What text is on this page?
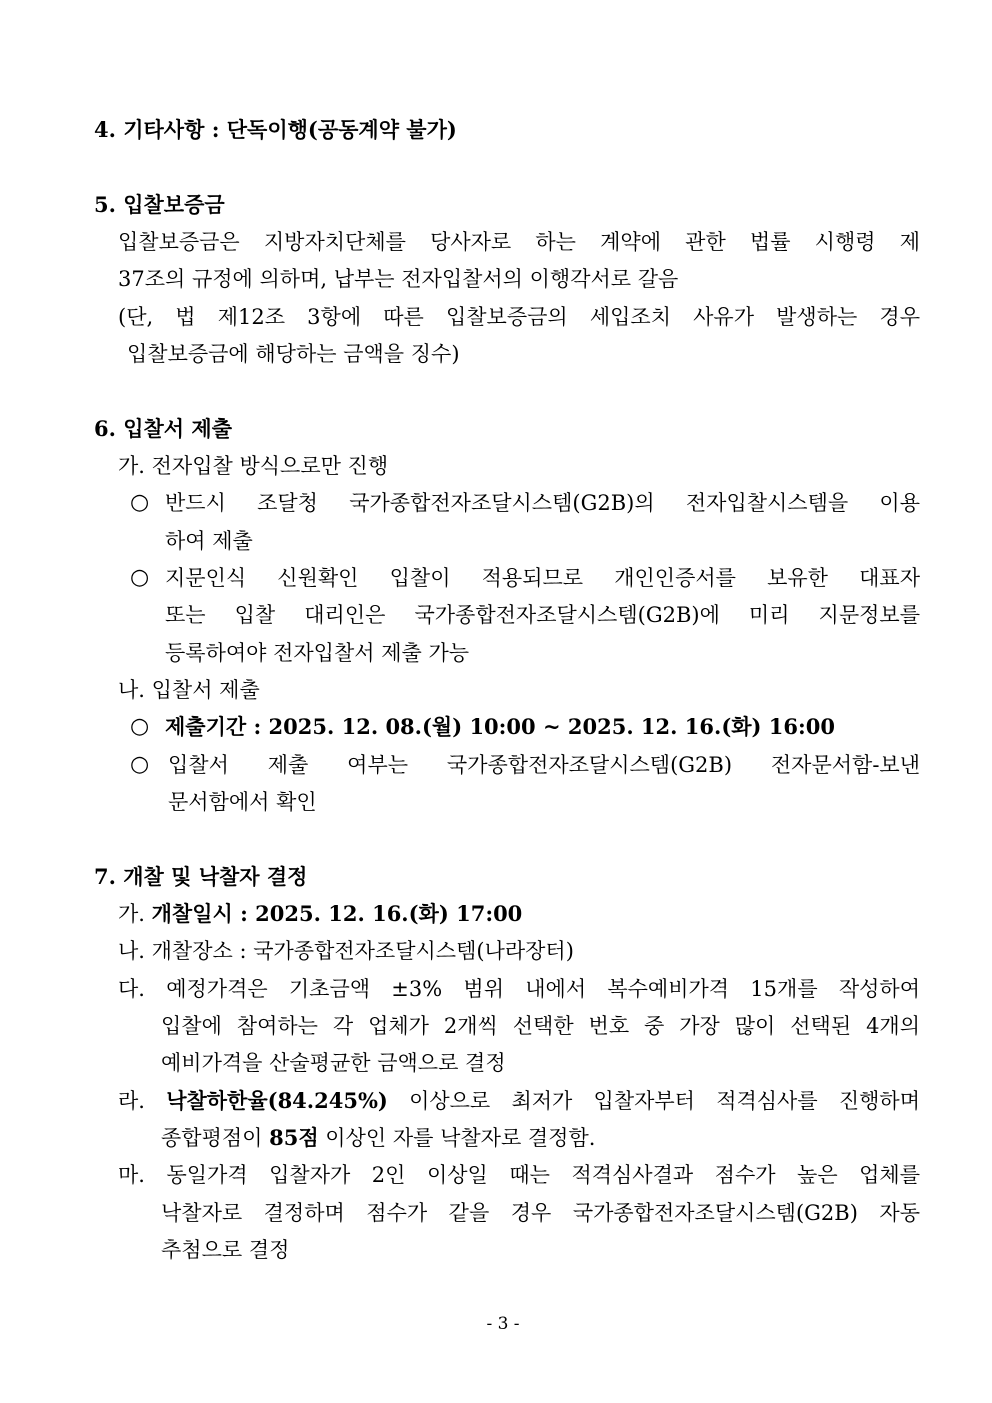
4. 기타사항 : 단독이행(공동계약 불가)
5. 입찰보증금
입찰보증금은 지방자치단체를 당사자로 하는 계약에 관한 법률 시행령 제
37조의 규정에 의하며, 납부는 전자입찰서의 이행각서로 갈음
(단, 법 제12조 3항에 따른 입찰보증금의 세입조치 사유가 발생하는 경우
입찰보증금에 해당하는 금액을 징수)
6. 입찰서 제출
가. 전자입찰 방식으로만 진행
○ 반드시 조달청 국가종합전자조달시스템(G2B)의 전자입찰시스템을 이용
하여 제출
○ 지문인식 신원확인 입찰이 적용되므로 개인인증서를 보유한 대표자
또는 입찰 대리인은 국가종합전자조달시스템(G2B)에 미리 지문정보를
등록하여야 전자입찰서 제출 가능
나. 입찰서 제출
○ 제출기간 : 2025. 12. 08.(월) 10:00 ~ 2025. 12. 16.(화) 16:00
○ 입찰서 제출 여부는 국가종합전자조달시스템(G2B) 전자문서함-보낸
문서함에서 확인
7. 개찰 및 낙찰자 결정
가. 개찰일시 : 2025. 12. 16.(화) 17:00
나. 개찰장소 : 국가종합전자조달시스템(나라장터)
다. 예정가격은 기초금액 ±3% 범위 내에서 복수예비가격 15개를 작성하여
입찰에 참여하는 각 업체가 2개씩 선택한 번호 중 가장 많이 선택된 4개의
예비가격을 산술평균한 금액으로 결정
라. 낙찰하한율(84.245%) 이상으로 최저가 입찰자부터 적격심사를 진행하며
종합평점이 85점 이상인 자를 낙찰자로 결정함.
마. 동일가격 입찰자가 2인 이상일 때는 적격심사결과 점수가 높은 업체를
낙찰자로 결정하며 점수가 같을 경우 국가종합전자조달시스템(G2B) 자동
추첨으로 결정
- 3 -
